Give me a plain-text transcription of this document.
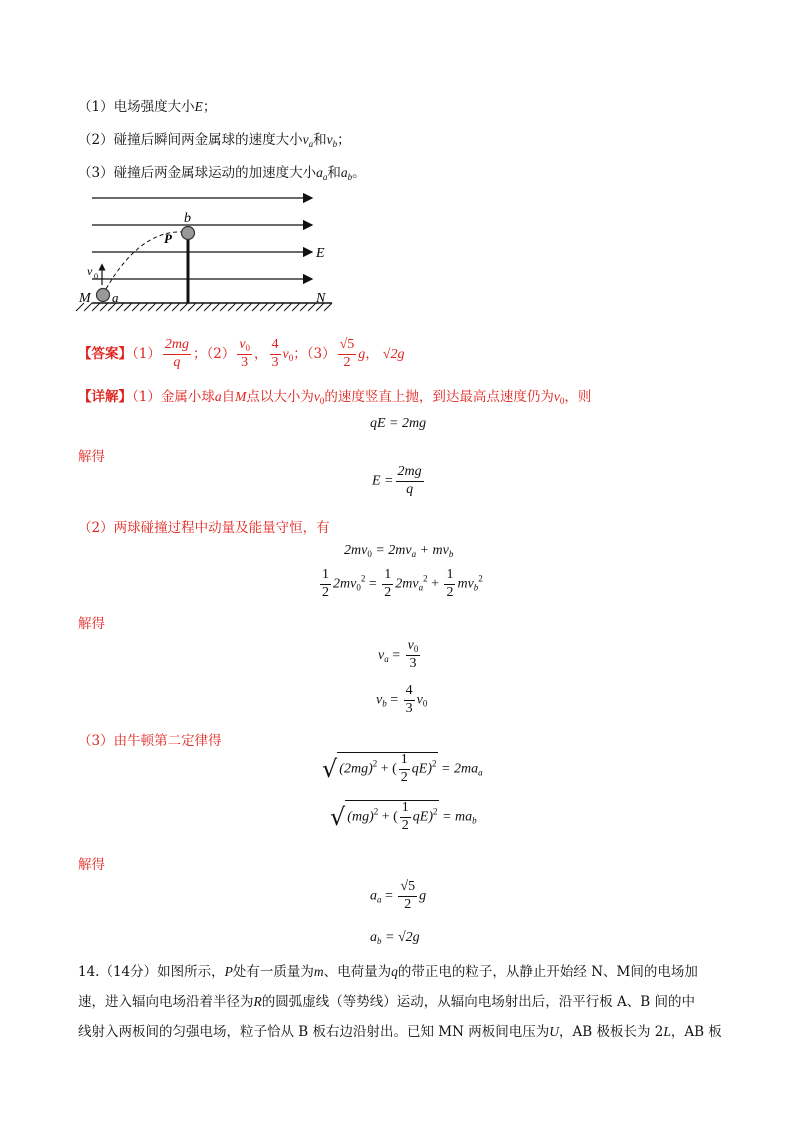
（1）电场强度大小E；
（2）碰撞后瞬间两金属球的速度大小$v_a$和$v_b$；
（3）碰撞后两金属球运动的加速度大小$a_a$和$a_b$。
b
P
E
v 0
M a	N
【答案】$(1) \frac{2mg}{q}$ ；$(2) \frac{v_0}{3}$ ， $\frac{4}{3} v_0$；$(3) \frac{√5}{2}$ g， √2g
【详解】（1）金属小球a自M点以大小为$v_0$的速度竖直上抛，到达最高点速度仍为$v_0$，则
qE = 2mg
解得
$E = \frac{2mg}{q}$
（2）两球碰撞过程中动量及能量守恒，有
$2mv_0 = 2mv_a + mv_b$
$\frac{1}{2} 2mv_0^2 = \frac{1}{2} 2mv_a^2 + \frac{1}{2} mv_b^2$
解得
$v_a = \frac{v_0}{3}$
$v_b = \frac{4}{3} v_0$
（3）由牛顿第二定律得
√ $(2mg)^2$ + ( $\frac{1}{2} qE)^2 = 2ma_a$
√ (mg)$^2$ + ( $\frac{1}{2} qE)^2 = ma_b$
解得
$a_a = \frac{√5}{2}$ g
$a_b = √2g$
14.（14分）如图所示，P处有一质量为m、电荷量为q的带正电的粒子，从静止开始经 N、M间的电场加
速，进入辐向电场沿着半径为R的圆弧虚线（等势线）运动，从辐向电场射出后，沿平行板 A、B 间的中
线射入两板间的匀强电场，粒子恰从 B 板右边沿射出。已知 MN 两板间电压为U，AB 极板长为 2L，AB 板
